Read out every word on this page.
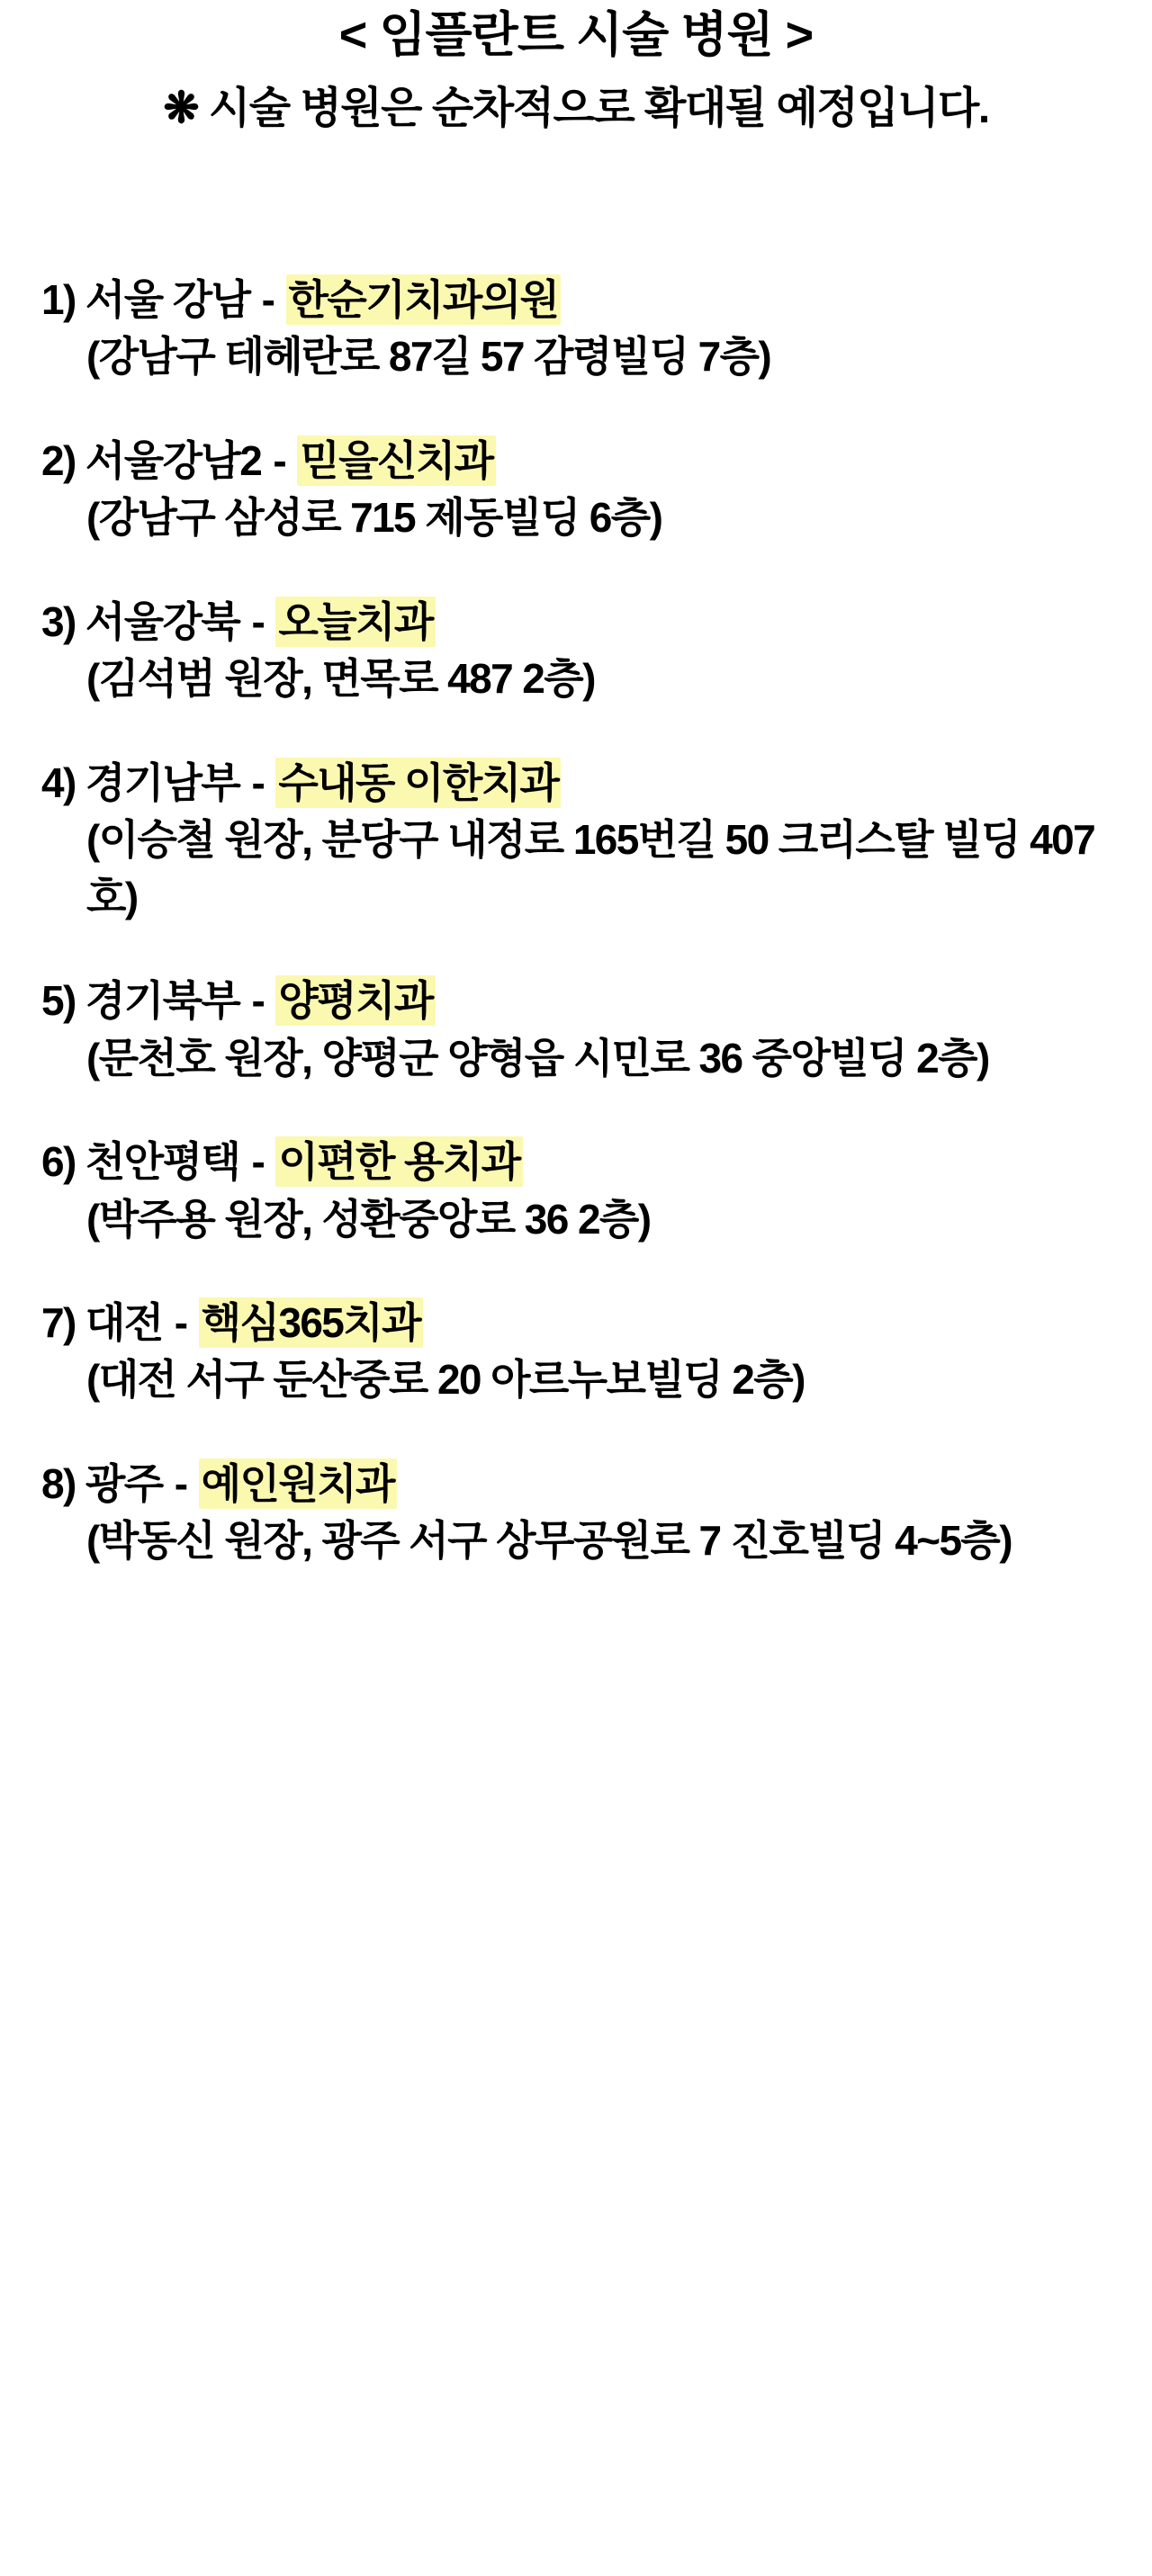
< 임플란트 시술 병원 >
❋ 시술 병원은 순차적으로 확대될 예정입니다.
1) 서울 강남 - 한순기치과의원
(강남구 테헤란로 87길 57 감령빌딩 7층)
2) 서울강남2 - 믿을신치과
(강남구 삼성로 715 제동빌딩 6층)
3) 서울강북 - 오늘치과
(김석범 원장, 면목로 487 2층)
4) 경기남부 - 수내동 이한치과
(이승철 원장, 분당구 내정로 165번길 50 크리스탈 빌딩 407호)
5) 경기북부 - 양평치과
(문천호 원장, 양평군 양형읍 시민로 36 중앙빌딩 2층)
6) 천안평택 - 이편한 용치과
(박주용 원장, 성환중앙로 36 2층)
7) 대전 - 핵심365치과
(대전 서구 둔산중로 20 아르누보빌딩 2층)
8) 광주 - 예인원치과
(박동신 원장, 광주 서구 상무공원로 7 진호빌딩 4~5층)
